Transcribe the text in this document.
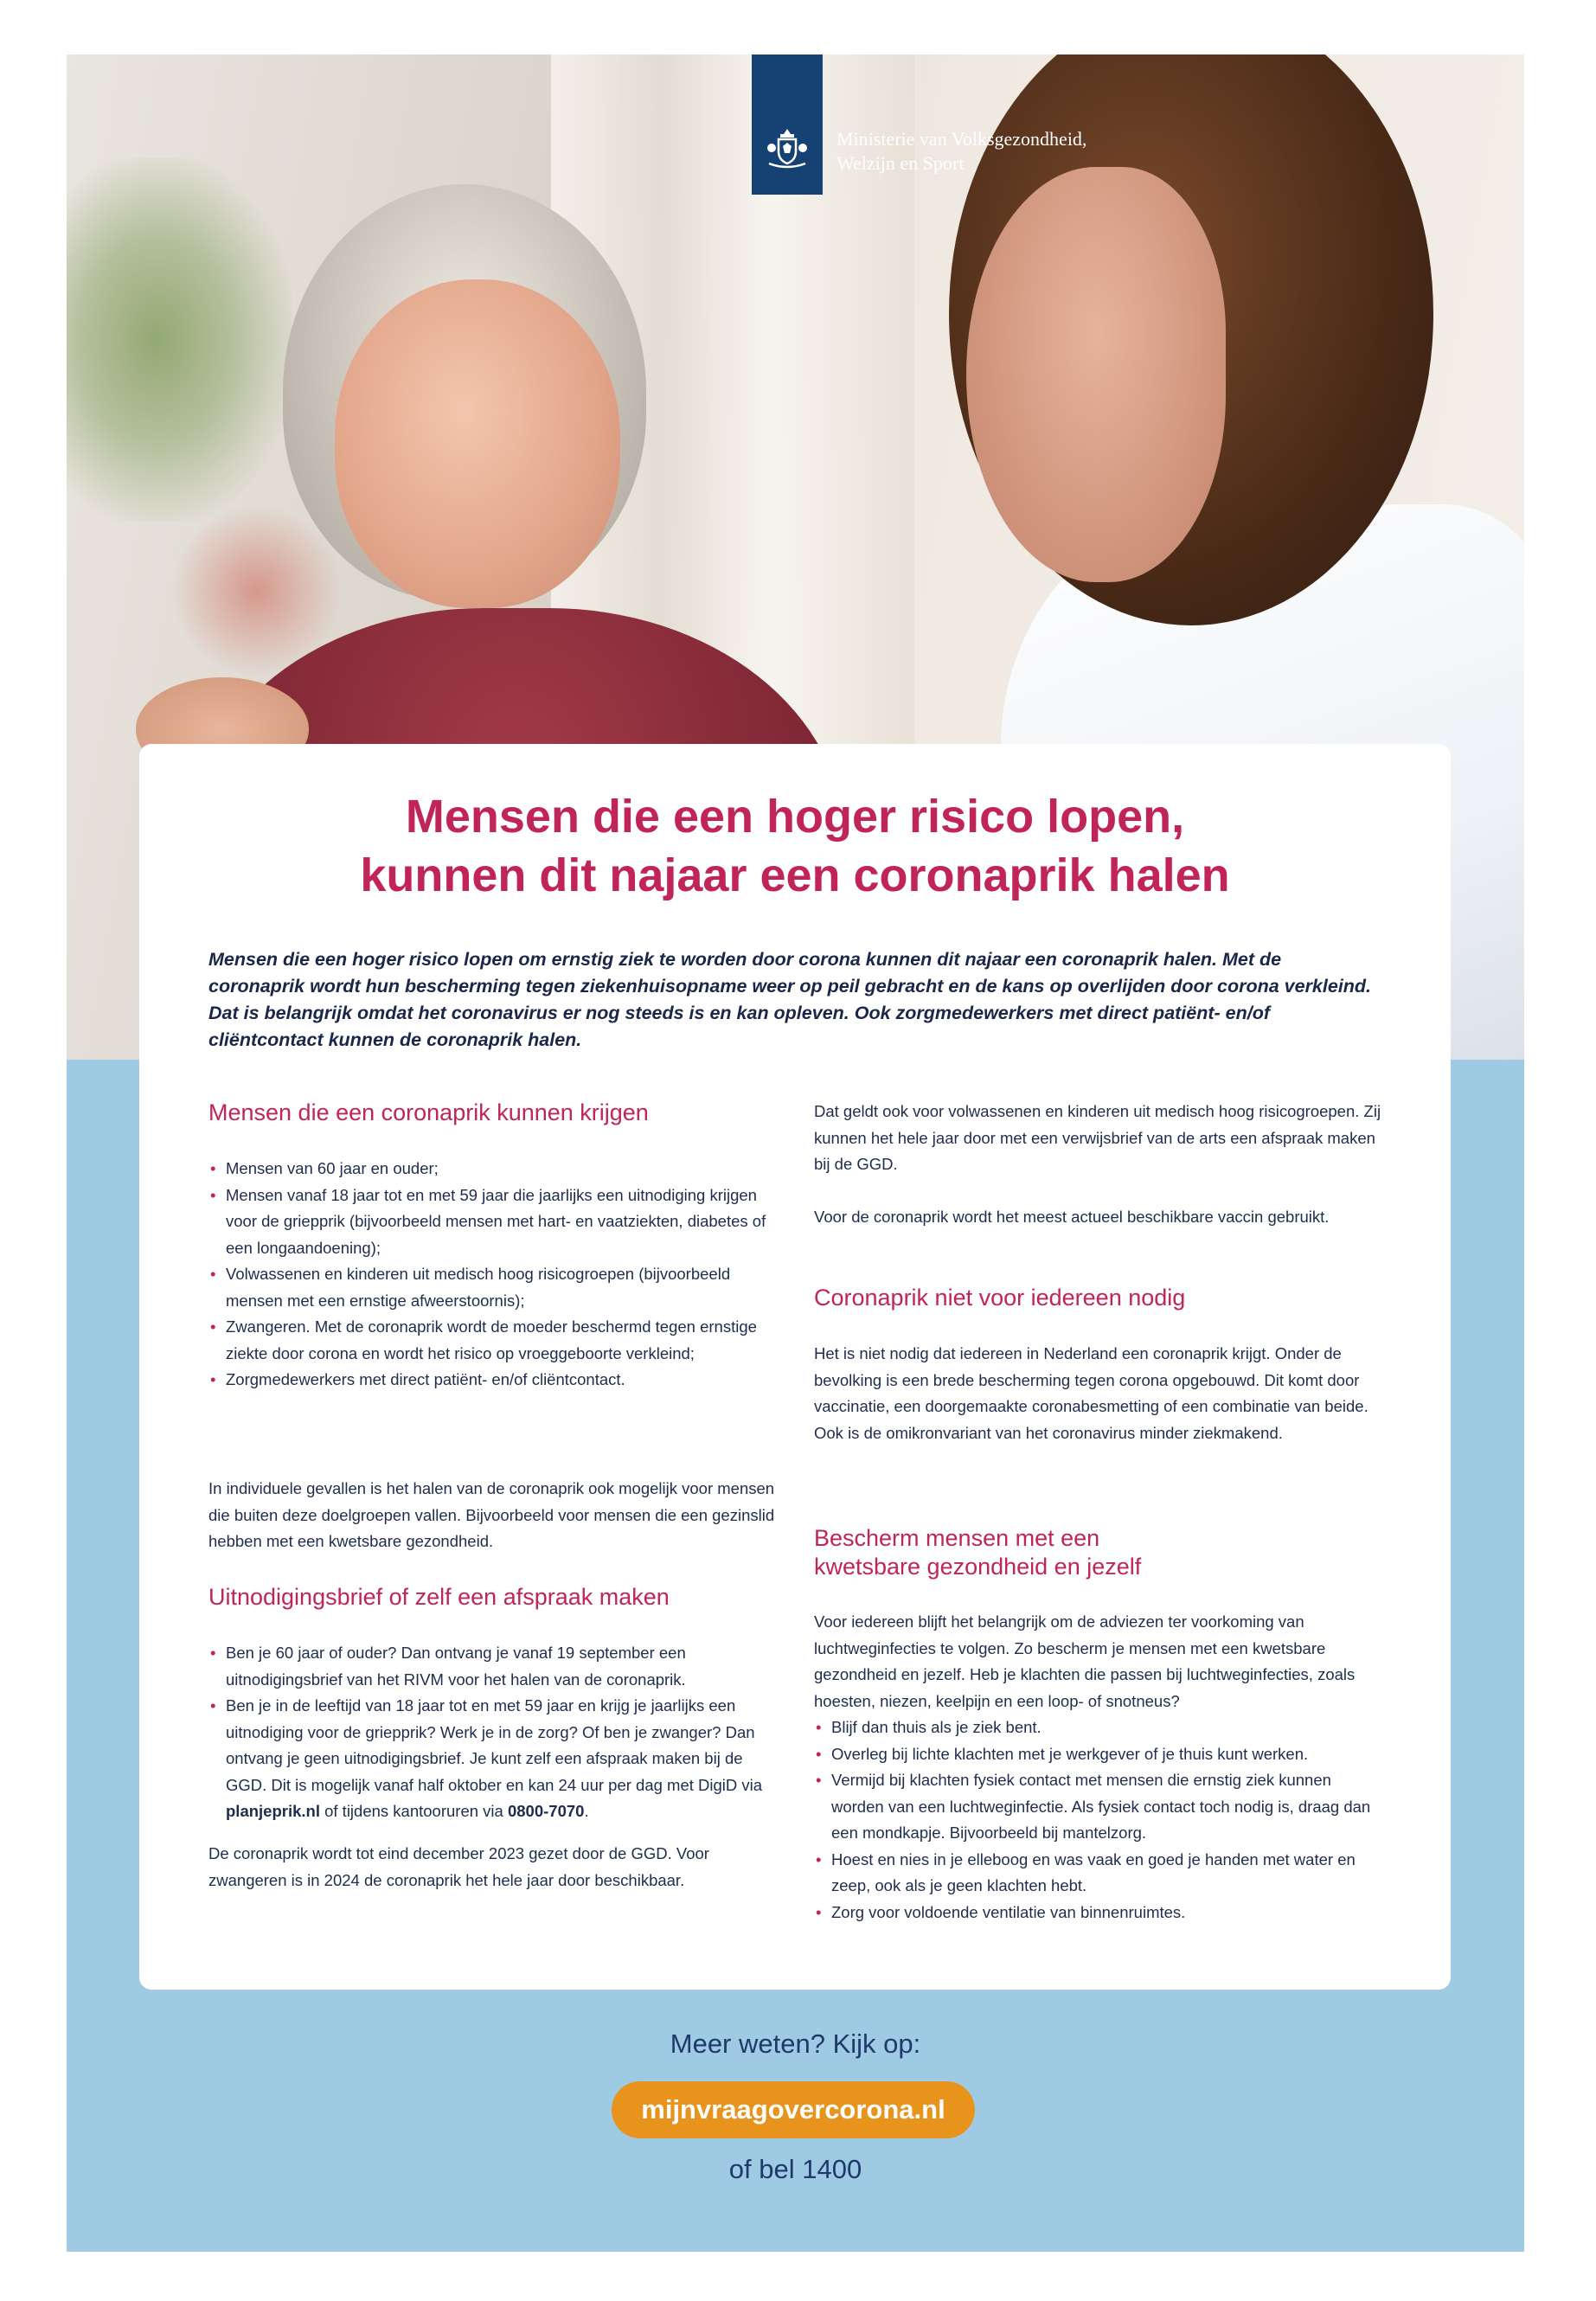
Ministerie van Volksgezondheid,
Welzijn en Sport
Mensen die een hoger risico lopen,
kunnen dit najaar een coronaprik halen

Mensen die een hoger risico lopen om ernstig ziek te worden door corona kunnen dit najaar een coronaprik halen. Met de coronaprik wordt hun bescherming tegen ziekenhuisopname weer op peil gebracht en de kans op overlijden door corona verkleind. Dat is belangrijk omdat het coronavirus er nog steeds is en kan opleven. Ook zorgmedewerkers met direct patiënt- en/of cliëntcontact kunnen de coronaprik halen.

Mensen die een coronaprik kunnen krijgen
• Mensen van 60 jaar en ouder;
• Mensen vanaf 18 jaar tot en met 59 jaar die jaarlijks een uitnodiging krijgen voor de griepprik (bijvoorbeeld mensen met hart- en vaatziekten, diabetes of een longaandoening);
• Volwassenen en kinderen uit medisch hoog risicogroepen (bijvoorbeeld mensen met een ernstige afweerstoornis);
• Zwangeren. Met de coronaprik wordt de moeder beschermd tegen ernstige ziekte door corona en wordt het risico op vroeggeboorte verkleind;
• Zorgmedewerkers met direct patiënt- en/of cliëntcontact.

In individuele gevallen is het halen van de coronaprik ook mogelijk voor mensen die buiten deze doelgroepen vallen. Bijvoorbeeld voor mensen die een gezinslid hebben met een kwetsbare gezondheid.

Uitnodigingsbrief of zelf een afspraak maken
• Ben je 60 jaar of ouder? Dan ontvang je vanaf 19 september een uitnodigingsbrief van het RIVM voor het halen van de coronaprik.
• Ben je in de leeftijd van 18 jaar tot en met 59 jaar en krijg je jaarlijks een uitnodiging voor de griepprik? Werk je in de zorg? Of ben je zwanger? Dan ontvang je geen uitnodigingsbrief. Je kunt zelf een afspraak maken bij de GGD. Dit is mogelijk vanaf half oktober en kan 24 uur per dag met DigiD via planjeprik.nl of tijdens kantooruren via 0800-7070.

De coronaprik wordt tot eind december 2023 gezet door de GGD. Voor zwangeren is in 2024 de coronaprik het hele jaar door beschikbaar.

Dat geldt ook voor volwassenen en kinderen uit medisch hoog risicogroepen. Zij kunnen het hele jaar door met een verwijsbrief van de arts een afspraak maken bij de GGD.

Voor de coronaprik wordt het meest actueel beschikbare vaccin gebruikt.

Coronaprik niet voor iedereen nodig

Het is niet nodig dat iedereen in Nederland een coronaprik krijgt. Onder de bevolking is een brede bescherming tegen corona opgebouwd. Dit komt door vaccinatie, een doorgemaakte coronabesmetting of een combinatie van beide. Ook is de omikronvariant van het coronavirus minder ziekmakend.

Bescherm mensen met een
kwetsbare gezondheid en jezelf

Voor iedereen blijft het belangrijk om de adviezen ter voorkoming van luchtweginfecties te volgen. Zo bescherm je mensen met een kwetsbare gezondheid en jezelf. Heb je klachten die passen bij luchtweginfecties, zoals hoesten, niezen, keelpijn en een loop- of snotneus?

• Blijf dan thuis als je ziek bent.
• Overleg bij lichte klachten met je werkgever of je thuis kunt werken.
• Vermijd bij klachten fysiek contact met mensen die ernstig ziek kunnen worden van een luchtweginfectie. Als fysiek contact toch nodig is, draag dan een mondkapje. Bijvoorbeeld bij mantelzorg.
• Hoest en nies in je elleboog en was vaak en goed je handen met water en zeep, ook als je geen klachten hebt.
• Zorg voor voldoende ventilatie van binnenruimtes.
Meer weten? Kijk op:
mijnvraagovercorona.nl
of bel 1400
